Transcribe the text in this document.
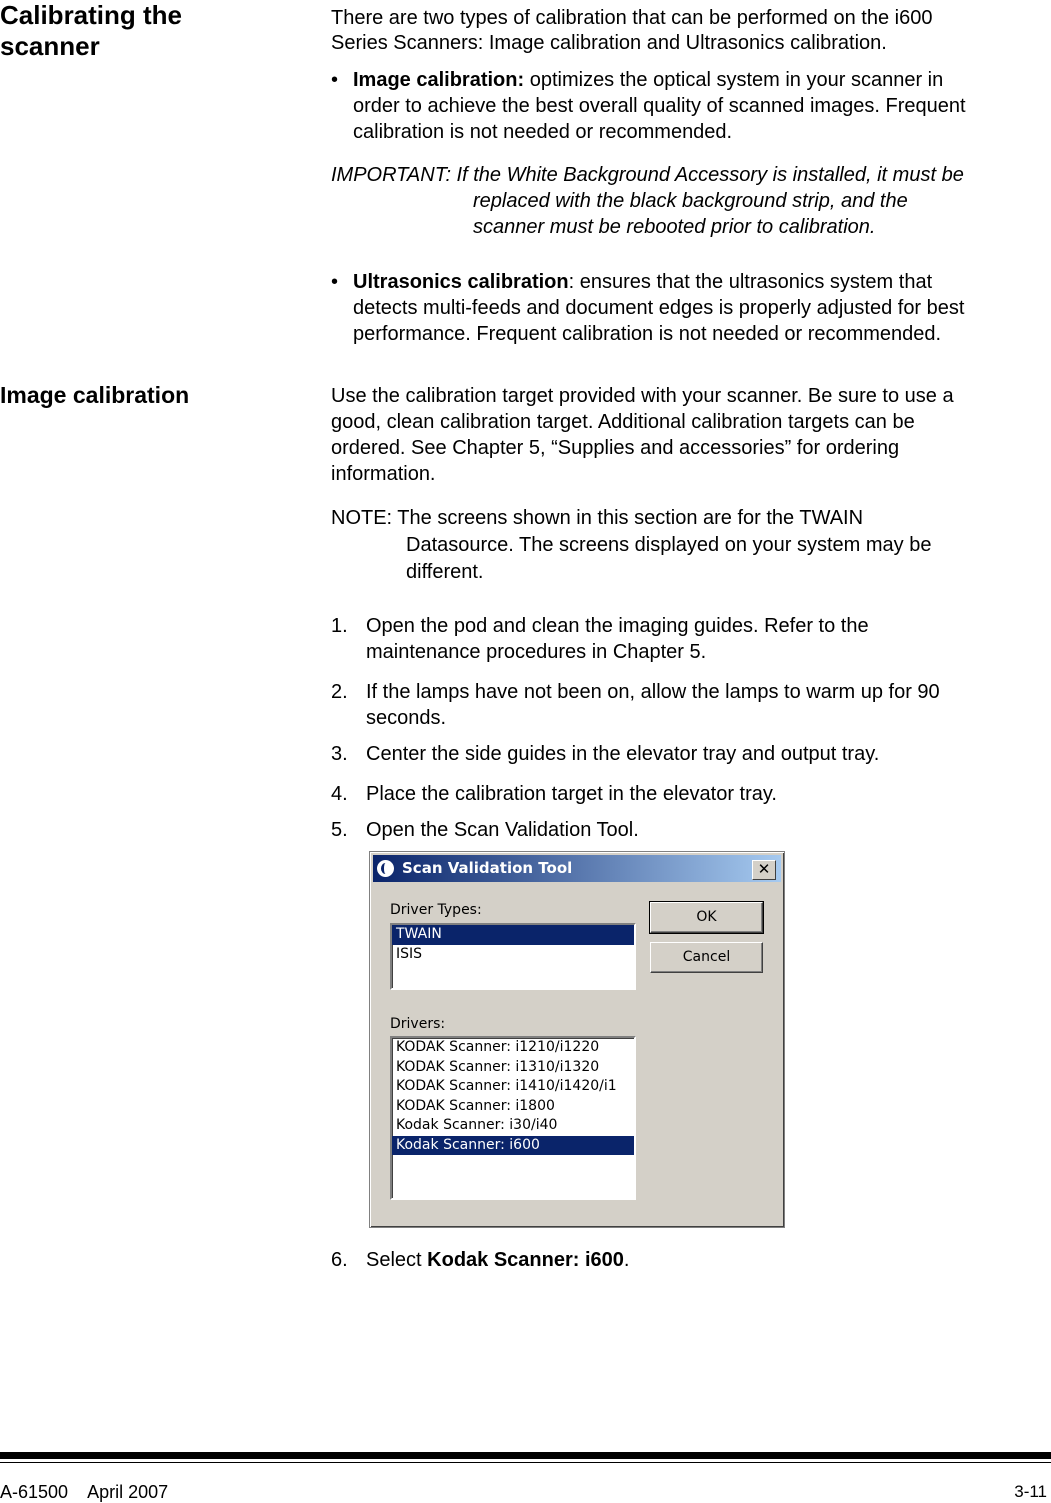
Calibrating the
scanner
There are two types of calibration that can be performed on the i600
Series Scanners: Image calibration and Ultrasonics calibration.
• Image calibration: optimizes the optical system in your scanner in
order to achieve the best overall quality of scanned images. Frequent
calibration is not needed or recommended.
IMPORTANT: If the White Background Accessory is installed, it must be
replaced with the black background strip, and the
scanner must be rebooted prior to calibration.
• Ultrasonics calibration: ensures that the ultrasonics system that
detects multi-feeds and document edges is properly adjusted for best
performance. Frequent calibration is not needed or recommended.
Image calibration	Use the calibration target provided with your scanner. Be sure to use a
good, clean calibration target. Additional calibration targets can be
ordered. See Chapter 5, “Supplies and accessories” for ordering
information.
NOTE: The screens shown in this section are for the TWAIN
Datasource. The screens displayed on your system may be
different.
1. Open the pod and clean the imaging guides. Refer to the
maintenance procedures in Chapter 5.
2. If the lamps have not been on, allow the lamps to warm up for 90
seconds.
3. Center the side guides in the elevator tray and output tray.
4. Place the calibration target in the elevator tray.
5. Open the Scan Validation Tool.
Scan Validation Tool	✕
Driver Types:
TWAIN
ISIS
OK
Cancel
Drivers:
KODAK Scanner: i1210/i1220
KODAK Scanner: i1310/i1320
KODAK Scanner: i1410/i1420/i1
KODAK Scanner: i1800
Kodak Scanner: i30/i40
Kodak Scanner: i600
6. Select Kodak Scanner: i600.
A-61500 April 2007	3-11
